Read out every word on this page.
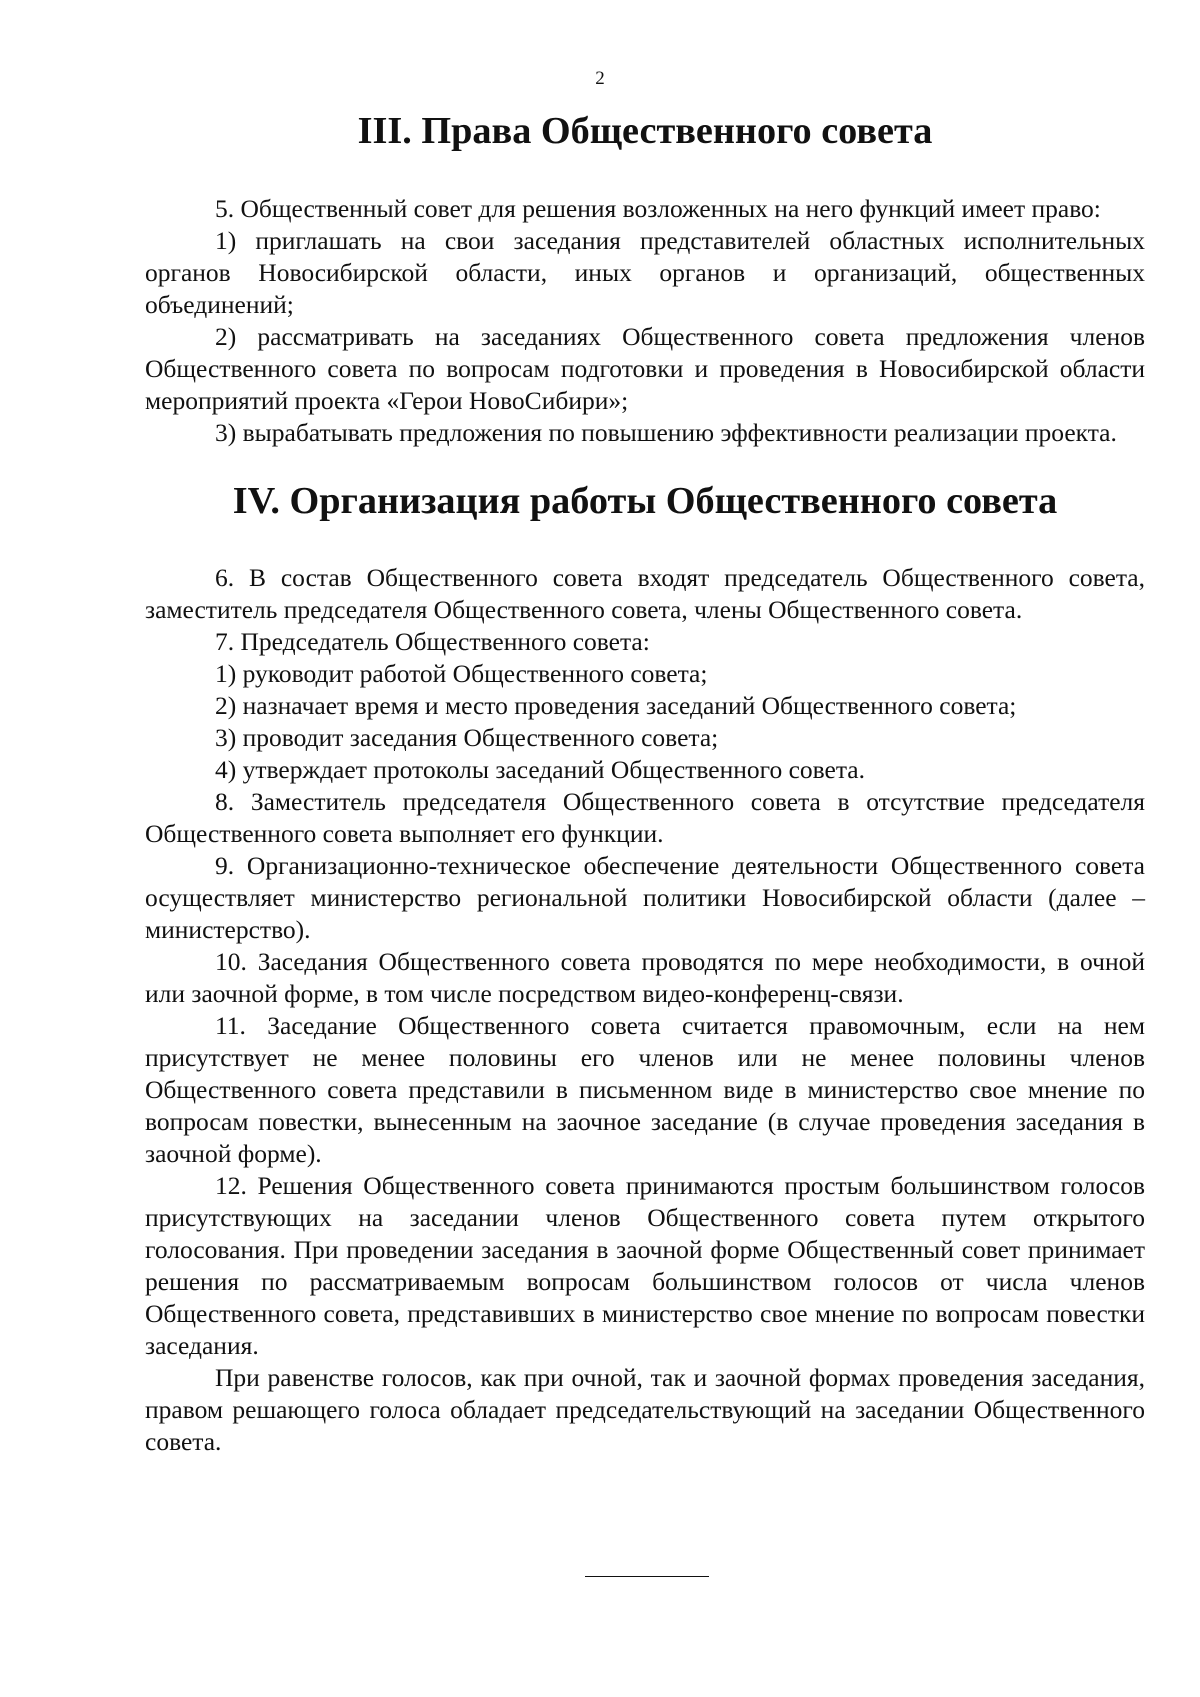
2
III. Права Общественного совета

5. Общественный совет для решения возложенных на него функций имеет право:

1) приглашать на свои заседания представителей областных исполнительных органов Новосибирской области, иных органов и организаций, общественных объединений;

2) рассматривать на заседаниях Общественного совета предложения членов Общественного совета по вопросам подготовки и проведения в Новосибирской области мероприятий проекта «Герои НовоСибири»;

3) вырабатывать предложения по повышению эффективности реализации проекта.

IV. Организация работы Общественного совета

6. В состав Общественного совета входят председатель Общественного совета, заместитель председателя Общественного совета, члены Общественного совета.

7. Председатель Общественного совета:

1) руководит работой Общественного совета;

2) назначает время и место проведения заседаний Общественного совета;

3) проводит заседания Общественного совета;

4) утверждает протоколы заседаний Общественного совета.

8. Заместитель председателя Общественного совета в отсутствие председателя Общественного совета выполняет его функции.

9. Организационно-техническое обеспечение деятельности Общественного совета осуществляет министерство региональной политики Новосибирской области (далее – министерство).

10. Заседания Общественного совета проводятся по мере необходимости, в очной или заочной форме, в том числе посредством видео-конференц-связи.

11. Заседание Общественного совета считается правомочным, если на нем присутствует не менее половины его членов или не менее половины членов Общественного совета представили в письменном виде в министерство свое мнение по вопросам повестки, вынесенным на заочное заседание (в случае проведения заседания в заочной форме).

12. Решения Общественного совета принимаются простым большинством голосов присутствующих на заседании членов Общественного совета путем открытого голосования. При проведении заседания в заочной форме Общественный совет принимает решения по рассматриваемым вопросам большинством голосов от числа членов Общественного совета, представивших в министерство свое мнение по вопросам повестки заседания.

При равенстве голосов, как при очной, так и заочной формах проведения заседания, правом решающего голоса обладает председательствующий на заседании Общественного совета.
